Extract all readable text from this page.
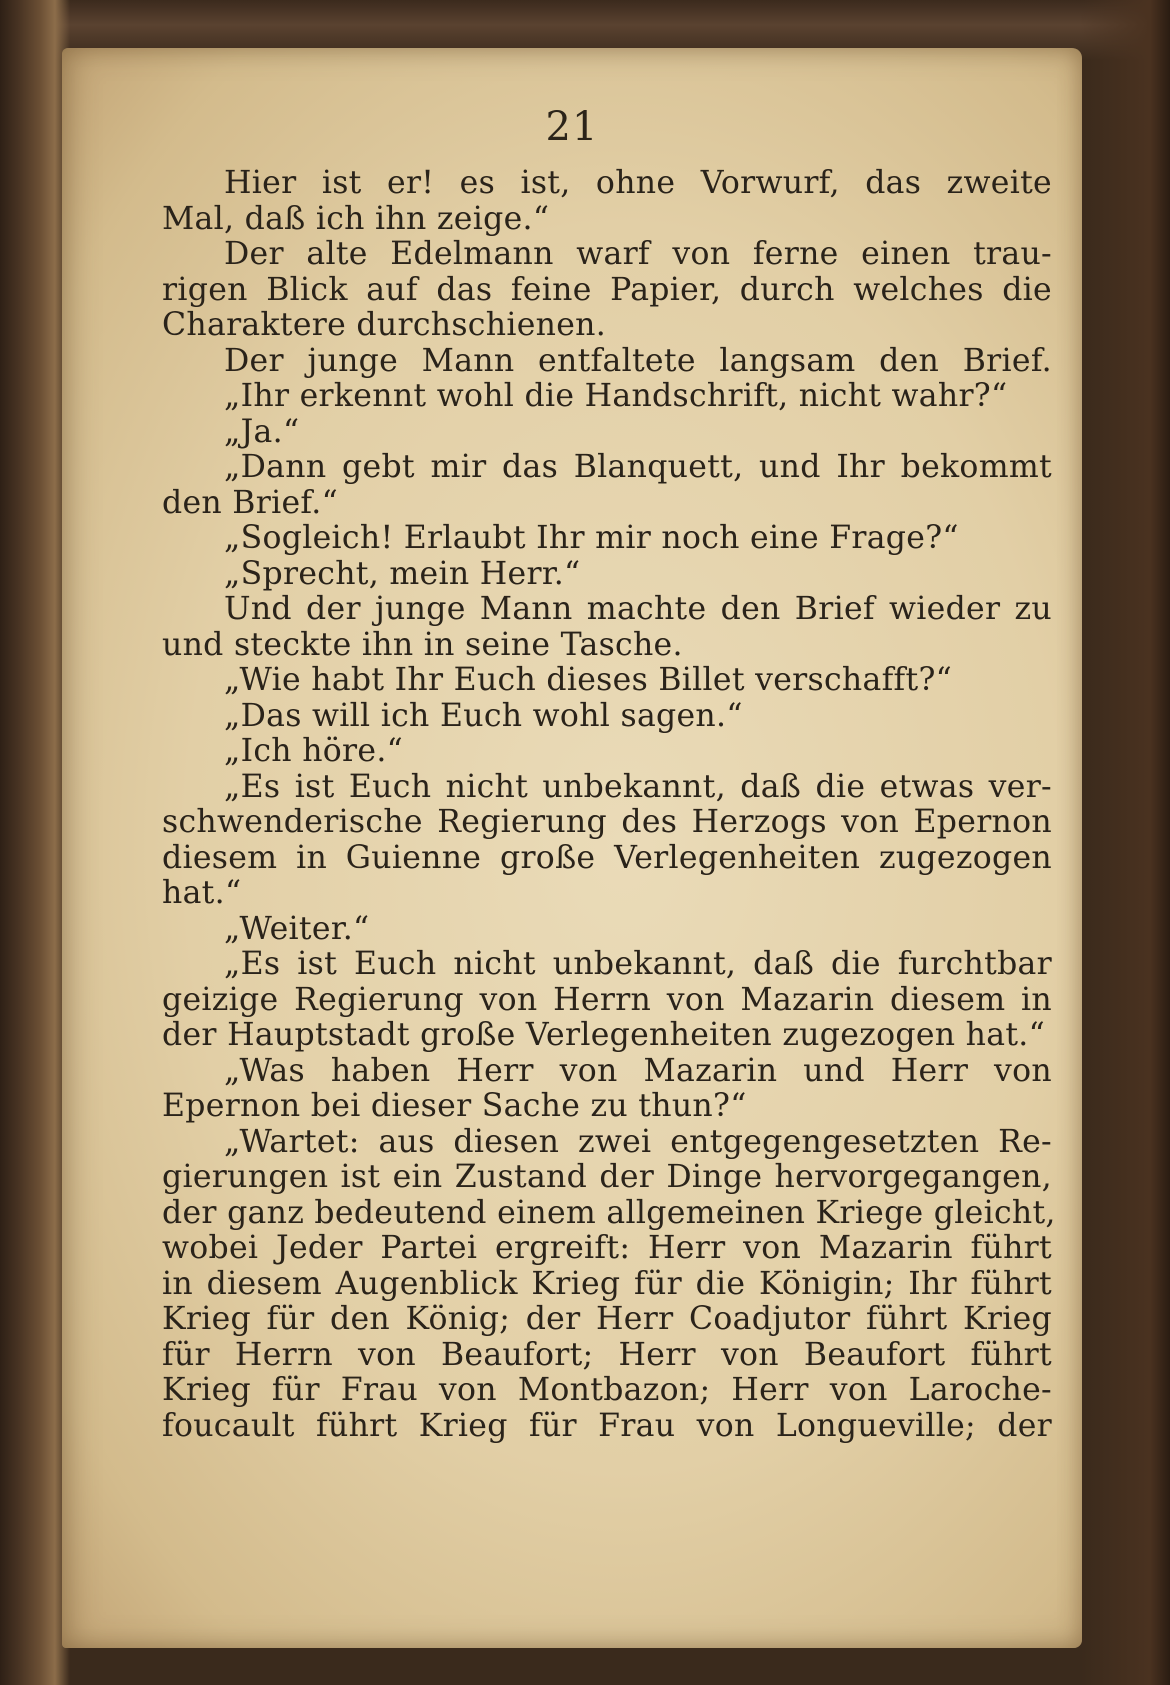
21
Hier ist er! es ist, ohne Vorwurf, das zweite
Mal, daß ich ihn zeige.“
Der alte Edelmann warf von ferne einen trau-
rigen Blick auf das feine Papier, durch welches die
Charaktere durchschienen.
Der junge Mann entfaltete langsam den Brief.
„Ihr erkennt wohl die Handschrift, nicht wahr?“
„Ja.“
„Dann gebt mir das Blanquett, und Ihr bekommt
den Brief.“
„Sogleich! Erlaubt Ihr mir noch eine Frage?“
„Sprecht, mein Herr.“
Und der junge Mann machte den Brief wieder zu
und steckte ihn in seine Tasche.
„Wie habt Ihr Euch dieses Billet verschafft?“
„Das will ich Euch wohl sagen.“
„Ich höre.“
„Es ist Euch nicht unbekannt, daß die etwas ver-
schwenderische Regierung des Herzogs von Epernon
diesem in Guienne große Verlegenheiten zugezogen
hat.“
„Weiter.“
„Es ist Euch nicht unbekannt, daß die furchtbar
geizige Regierung von Herrn von Mazarin diesem in
der Hauptstadt große Verlegenheiten zugezogen hat.“
„Was haben Herr von Mazarin und Herr von
Epernon bei dieser Sache zu thun?“
„Wartet: aus diesen zwei entgegengesetzten Re-
gierungen ist ein Zustand der Dinge hervorgegangen,
der ganz bedeutend einem allgemeinen Kriege gleicht,
wobei Jeder Partei ergreift: Herr von Mazarin führt
in diesem Augenblick Krieg für die Königin; Ihr führt
Krieg für den König; der Herr Coadjutor führt Krieg
für Herrn von Beaufort; Herr von Beaufort führt
Krieg für Frau von Montbazon; Herr von Laroche-
foucault führt Krieg für Frau von Longueville; der
